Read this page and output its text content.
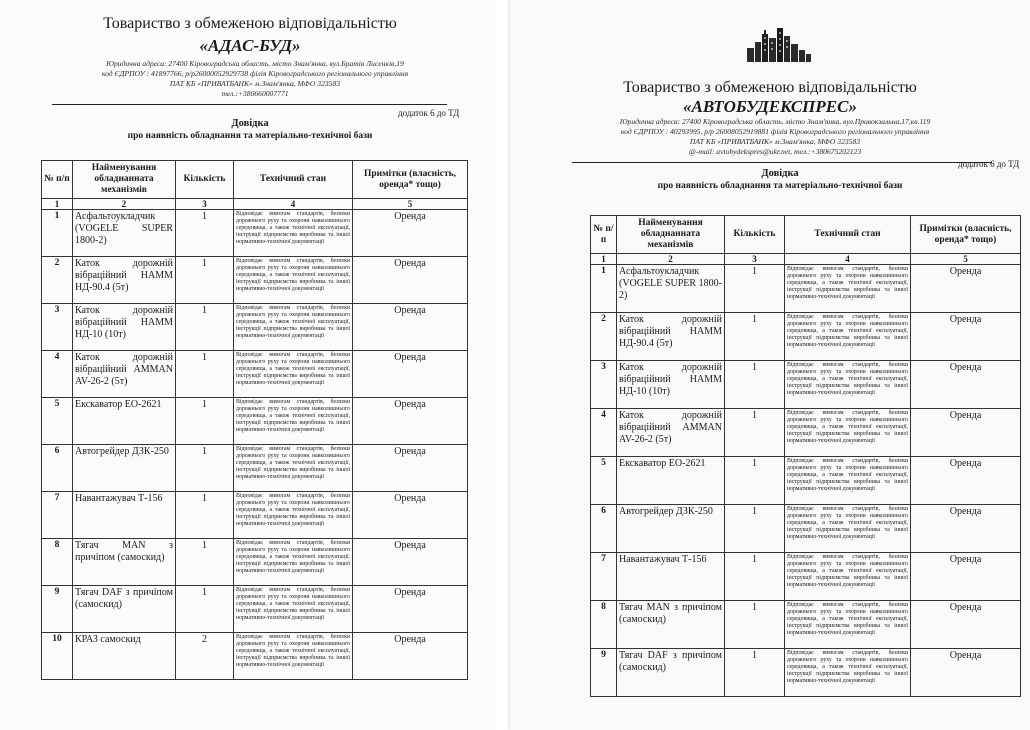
Товариство з обмеженою відповідальністю
«АДАС-БУД»
Юридична адреса: 27400 Кіровоградська область, місто Знам'янка, вул.Братів Лисенків,19
код ЄДРПОУ : 41897766, р/р26000052929738 філія Кіровоградського регіонального управління
ПАТ КБ «ПРИВАТБАНК» м.Знам'янка, МФО 323583
тел.:+380660007771
додаток 6 до ТД
Довідка
про наявність обладнання та матеріально-технічної бази
№ п/п	Найменування обладнанната механізмів	Кількість	Технічний стан	Примітки (власність, оренда* тощо)
1	2	3	4	5
1	Асфальтоукладчик (VOGELE SUPER 1800-2)	1	Відповідає вимогам стандартів, безпеки дорожнього руху та охорони навколишнього середовища, а також технічної експлуатації, інструкції підприємства виробника та іншої нормативно-технічної документації	Оренда
2	Каток дорожній вібраційний HAMM НД-90.4 (5т)	1	Відповідає вимогам стандартів, безпеки дорожнього руху та охорони навколишнього середовища, а також технічної експлуатації, інструкції підприємства виробника та іншої нормативно-технічної документації	Оренда
3	Каток дорожній вібраційний HAMM НД-10 (10т)	1	Відповідає вимогам стандартів, безпеки дорожнього руху та охорони навколишнього середовища, а також технічної експлуатації, інструкції підприємства виробника та іншої нормативно-технічної документації	Оренда
4	Каток дорожній вібраційний AMMAN AV-26-2 (5т)	1	Відповідає вимогам стандартів, безпеки дорожнього руху та охорони навколишнього середовища, а також технічної експлуатації, інструкції підприємства виробника та іншої нормативно-технічної документації	Оренда
5	Екскаватор ЕО-2621	1	Відповідає вимогам стандартів, безпеки дорожнього руху та охорони навколишнього середовища, а також технічної експлуатації, інструкції підприємства виробника та іншої нормативно-технічної документації	Оренда
6	Автогрейдер ДЗК-250	1	Відповідає вимогам стандартів, безпеки дорожнього руху та охорони навколишнього середовища, а також технічної експлуатації, інструкції підприємства виробника та іншої нормативно-технічної документації	Оренда
7	Навантажувач Т-156	1	Відповідає вимогам стандартів, безпеки дорожнього руху та охорони навколишнього середовища, а також технічної експлуатації, інструкції підприємства виробника та іншої нормативно-технічної документації	Оренда
8	Тягач MAN з причіпом (самоскид)	1	Відповідає вимогам стандартів, безпеки дорожнього руху та охорони навколишнього середовища, а також технічної експлуатації, інструкції підприємства виробника та іншої нормативно-технічної документації	Оренда
9	Тягач DAF з причіпом (самоскид)	1	Відповідає вимогам стандартів, безпеки дорожнього руху та охорони навколишнього середовища, а також технічної експлуатації, інструкції підприємства виробника та іншої нормативно-технічної документації	Оренда
10	КРАЗ самоскид	2	Відповідає вимогам стандартів, безпеки дорожнього руху та охорони навколишнього середовища, а також технічної експлуатації, інструкції підприємства виробника та іншої нормативно-технічної документації	Оренда
Товариство з обмеженою відповідальністю
«АВТОБУДЕКСПРЕС»
Юридична адреса: 27400 Кіровоградська область, місто Знам'янка, вул.Привокзальна,17,кв.119
код ЄДРПОУ : 40293995, р/р 26008052919881 філія Кіровоградського регіонального управління
ПАТ КБ «ПРИВАТБАНК» м.Знам'янка, МФО 323583
@-mail: avtobydekspres@ukr.net, тел.:+380675202123
додаток 6 до ТД
Довідка
про наявність обладнання та матеріально-технічної бази
№ п/п	Найменування обладнанната механізмів	Кількість	Технічний стан	Примітки (власність, оренда* тощо)
1	2	3	4	5
1	Асфальтоукладчик (VOGELE SUPER 1800-2)	1	Відповідає вимогам стандартів, безпеки дорожнього руху та охорони навколишнього середовища, а також технічної експлуатації, інструкції підприємства виробника та іншої нормативно-технічної документації	Оренда
2	Каток дорожній вібраційний HAMM НД-90.4 (5т)	1	Відповідає вимогам стандартів, безпеки дорожнього руху та охорони навколишнього середовища, а також технічної експлуатації, інструкції підприємства виробника та іншої нормативно-технічної документації	Оренда
3	Каток дорожній вібраційний HAMM НД-10 (10т)	1	Відповідає вимогам стандартів, безпеки дорожнього руху та охорони навколишнього середовища, а також технічної експлуатації, інструкції підприємства виробника та іншої нормативно-технічної документації	Оренда
4	Каток дорожній вібраційний AMMAN AV-26-2 (5т)	1	Відповідає вимогам стандартів, безпеки дорожнього руху та охорони навколишнього середовища, а також технічної експлуатації, інструкції підприємства виробника та іншої нормативно-технічної документації	Оренда
5	Екскаватор ЕО-2621	1	Відповідає вимогам стандартів, безпеки дорожнього руху та охорони навколишнього середовища, а також технічної експлуатації, інструкції підприємства виробника та іншої нормативно-технічної документації	Оренда
6	Автогрейдер ДЗК-250	1	Відповідає вимогам стандартів, безпеки дорожнього руху та охорони навколишнього середовища, а також технічної експлуатації, інструкції підприємства виробника та іншої нормативно-технічної документації	Оренда
7	Навантажувач Т-156	1	Відповідає вимогам стандартів, безпеки дорожнього руху та охорони навколишнього середовища, а також технічної експлуатації, інструкції підприємства виробника та іншої нормативно-технічної документації	Оренда
8	Тягач MAN з причіпом (самоскид)	1	Відповідає вимогам стандартів, безпеки дорожнього руху та охорони навколишнього середовища, а також технічної експлуатації, інструкції підприємства виробника та іншої нормативно-технічної документації	Оренда
9	Тягач DAF з причіпом (самоскид)	1	Відповідає вимогам стандартів, безпеки дорожнього руху та охорони навколишнього середовища, а також технічної експлуатації, інструкції підприємства виробника та іншої нормативно-технічної документації	Оренда
